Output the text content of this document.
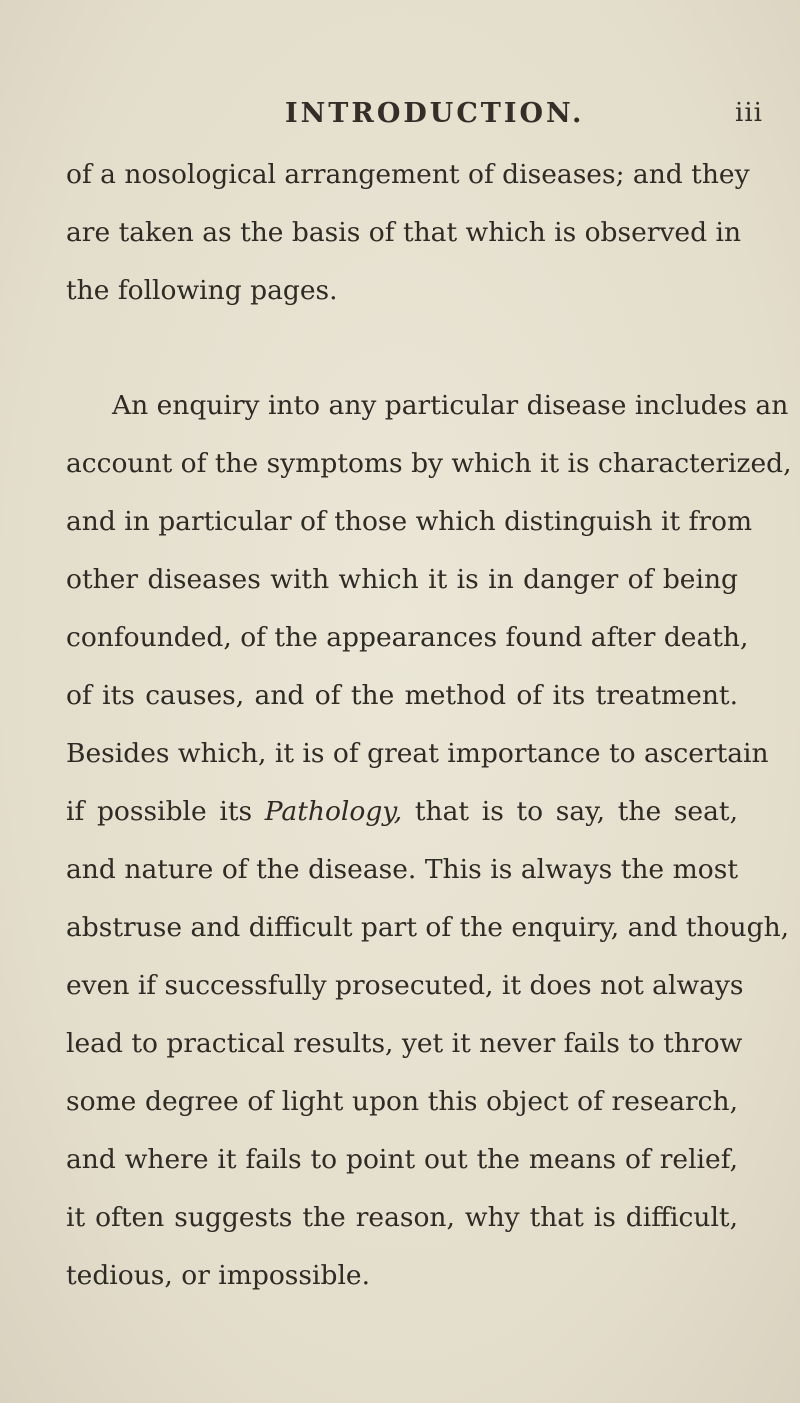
INTRODUCTION.	iii
of a nosological arrangement of diseases; and they
are taken as the basis of that which is observed in
the following pages.
An enquiry into any particular disease includes an
account of the symptoms by which it is characterized,
and in particular of those which distinguish it from
other diseases with which it is in danger of being
confounded, of the appearances found after death,
of its causes, and of the method of its treatment.
Besides which, it is of great importance to ascertain
if possible its Pathology, that is to say, the seat,
and nature of the disease. This is always the most
abstruse and difficult part of the enquiry, and though,
even if successfully prosecuted, it does not always
lead to practical results, yet it never fails to throw
some degree of light upon this object of research,
and where it fails to point out the means of relief,
it often suggests the reason, why that is difficult,
tedious, or impossible.
